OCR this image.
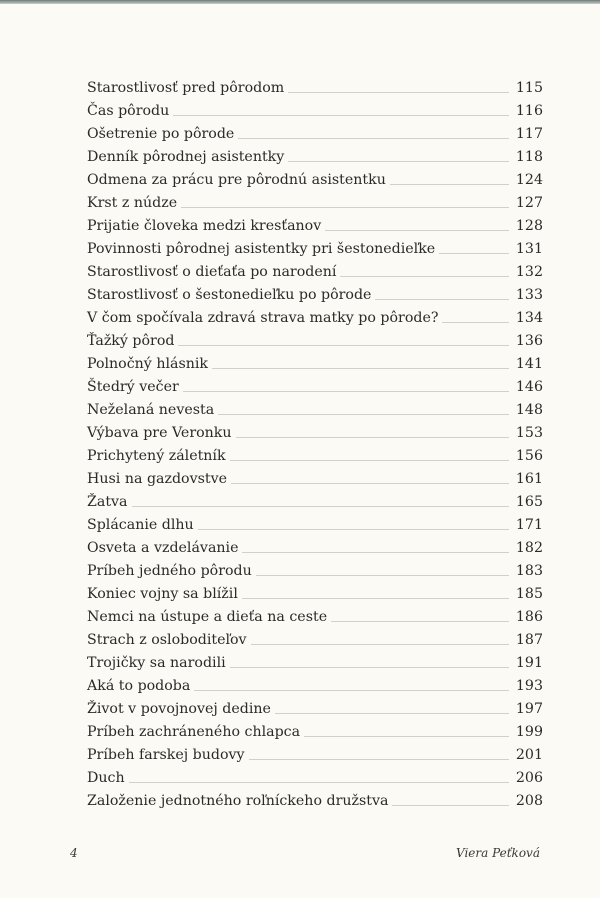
Starostlivosť pred pôrodom	115
Čas pôrodu	116
Ošetrenie po pôrode	117
Denník pôrodnej asistentky	118
Odmena za prácu pre pôrodnú asistentku	124
Krst z núdze	127
Prijatie človeka medzi kresťanov	128
Povinnosti pôrodnej asistentky pri šestonedieľke	131
Starostlivosť o dieťaťa po narodení	132
Starostlivosť o šestonedieľku po pôrode	133
V čom spočívala zdravá strava matky po pôrode?	134
Ťažký pôrod	136
Polnočný hlásnik	141
Štedrý večer	146
Neželaná nevesta	148
Výbava pre Veronku	153
Prichytený záletník	156
Husi na gazdovstve	161
Žatva	165
Splácanie dlhu	171
Osveta a vzdelávanie	182
Príbeh jedného pôrodu	183
Koniec vojny sa blížil	185
Nemci na ústupe a dieťa na ceste	186
Strach z osloboditeľov	187
Trojičky sa narodili	191
Aká to podoba	193
Život v povojnovej dedine	197
Príbeh zachráneného chlapca	199
Príbeh farskej budovy	201
Duch	206
Založenie jednotného roľníckeho družstva	208
4	Viera Peťková
